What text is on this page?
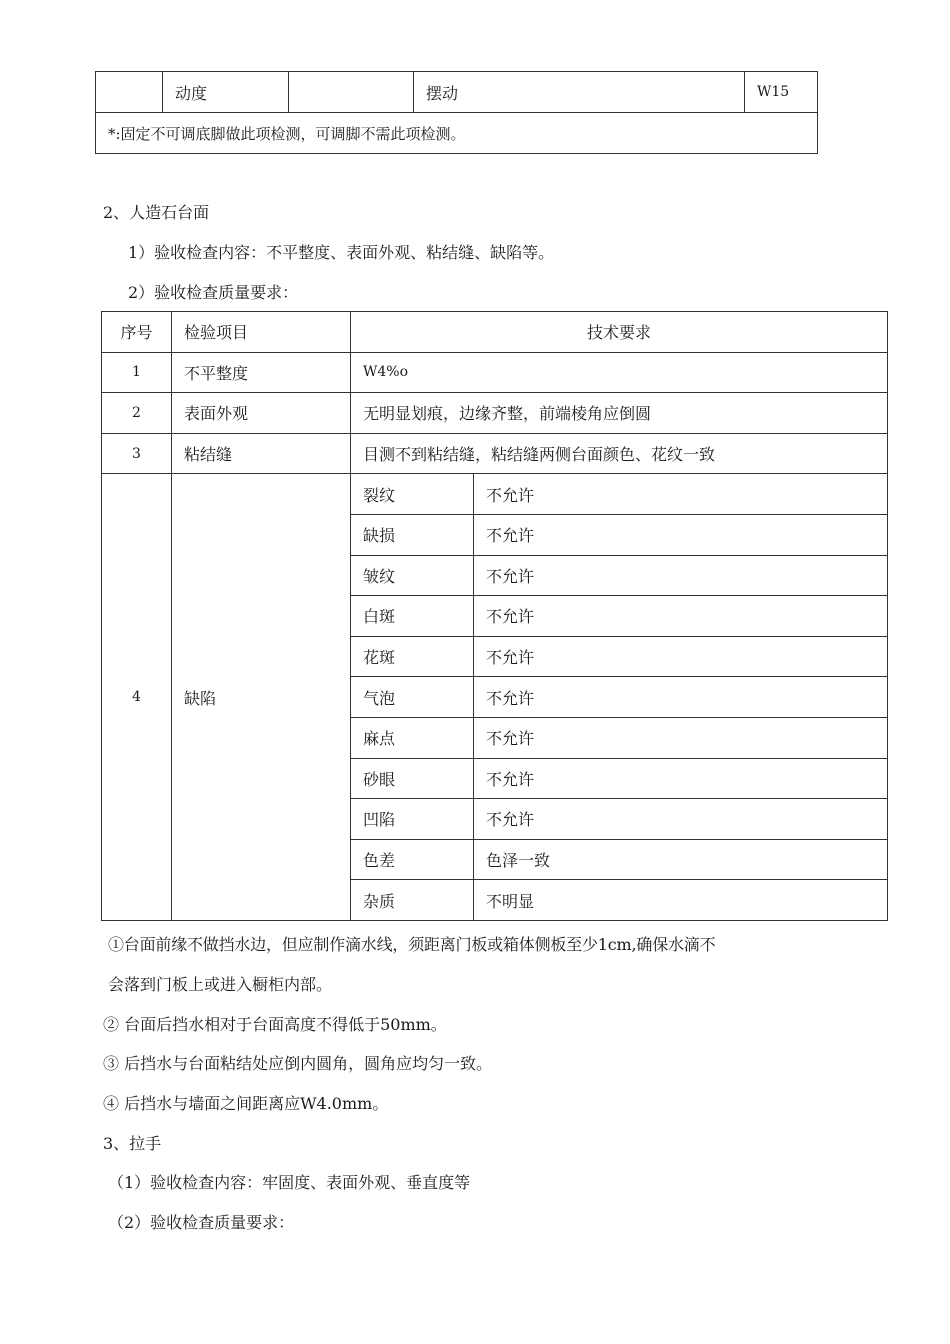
	动度		摆动	W15
*:固定不可调底脚做此项检测，可调脚不需此项检测。
2、人造石台面
1）验收检查内容：不平整度、表面外观、粘结缝、缺陷等。
2）验收检查质量要求：
序号	检验项目	技术要求	
1	不平整度	W4%o	
2	表面外观	无明显划痕，边缘齐整，前端棱角应倒圆	
3	粘结缝	目测不到粘结缝，粘结缝两侧台面颜色、花纹一致	
4	缺陷	裂纹	不允许
		缺损	不允许
		皱纹	不允许
		白斑	不允许
		花斑	不允许
		气泡	不允许
		麻点	不允许
		砂眼	不允许
		凹陷	不允许
		色差	色泽一致
		杂质	不明显
①台面前缘不做挡水边，但应制作滴水线，须距离门板或箱体侧板至少1cm,确保水滴不
会落到门板上或进入橱柜内部。
② 台面后挡水相对于台面高度不得低于50mm。
③ 后挡水与台面粘结处应倒内圆角，圆角应均匀一致。
④ 后挡水与墙面之间距离应W4.0mm。
3、拉手
（1）验收检查内容：牢固度、表面外观、垂直度等
（2）验收检查质量要求：
